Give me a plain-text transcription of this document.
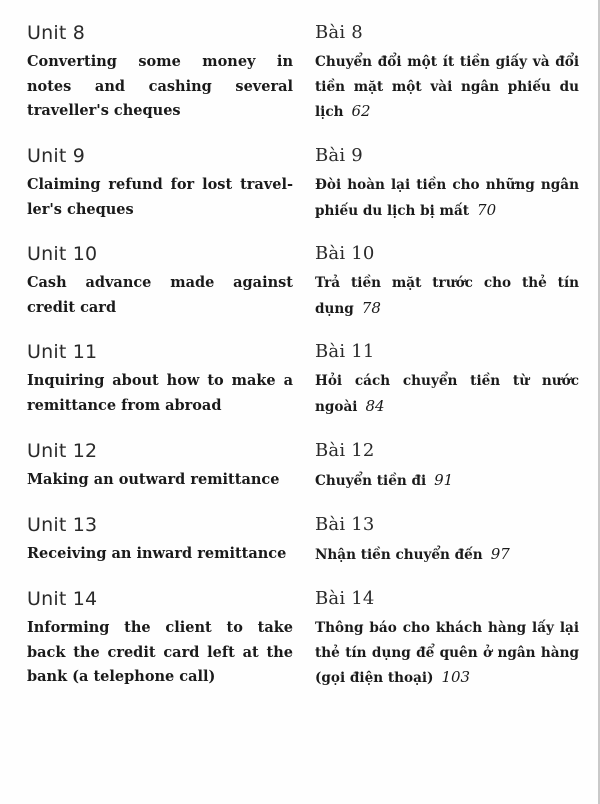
Unit 8

Converting some money in notes and cashing several traveller's cheques

Bài 8

Chuyển đổi một ít tiền giấy và đổi tiền mặt một vài ngân phiếu du lịch 62

Unit 9

Claiming refund for lost travel-ler's cheques

Bài 9

Đòi hoàn lại tiền cho những ngân phiếu du lịch bị mất 70

Unit 10

Cash advance made against credit card

Bài 10

Trả tiền mặt trước cho thẻ tín dụng 78

Unit 11

Inquiring about how to make a remittance from abroad

Bài 11

Hỏi cách chuyển tiền từ nước ngoài 84

Unit 12

Making an outward remittance

Bài 12

Chuyển tiền đi 91

Unit 13

Receiving an inward remittance

Bài 13

Nhận tiền chuyển đến 97

Unit 14

Informing the client to take back the credit card left at the bank (a telephone call)

Bài 14

Thông báo cho khách hàng lấy lại thẻ tín dụng để quên ở ngân hàng (gọi điện thoại) 103
